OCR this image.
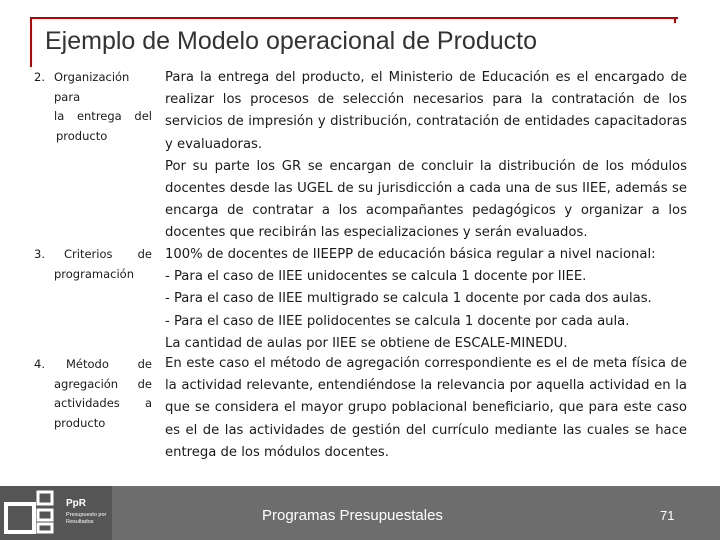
Ejemplo de Modelo operacional de Producto
2. Organización para
la entrega del
producto

Para la entrega del producto, el Ministerio de Educación es el encargado de realizar los procesos de selección necesarios para la contratación de los servicios de impresión y distribución, contratación de entidades capacitadoras y evaluadoras.

Por su parte los GR se encargan de concluir la distribución de los módulos docentes desde las UGEL de su jurisdicción a cada una de sus IIEE, además se encarga de contratar a los acompañantes pedagógicos y organizar a los docentes que recibirán las especializaciones y serán evaluados.

3.	Criterios de
programación

100% de docentes de IIEEPP de educación básica regular a nivel nacional:

- Para el caso de IIEE unidocentes se calcula 1 docente por IIEE.

- Para el caso de IIEE multigrado se calcula 1 docente por cada dos aulas.

- Para el caso de IIEE polidocentes se calcula 1 docente por cada aula.

La cantidad de aulas por IIEE se obtiene de ESCALE-MINEDU.

4.	Método de
agregación de
actividades a
producto

En este caso el método de agregación correspondiente es el de meta física de la actividad relevante, entendiéndose la relevancia por aquella actividad en la que se considera el mayor grupo poblacional beneficiario, que para este caso es el de las actividades de gestión del currículo mediante las cuales se hace entrega de los módulos docentes.

PpR
Presupuesto por Resultados	Programas Presupuestales	71
